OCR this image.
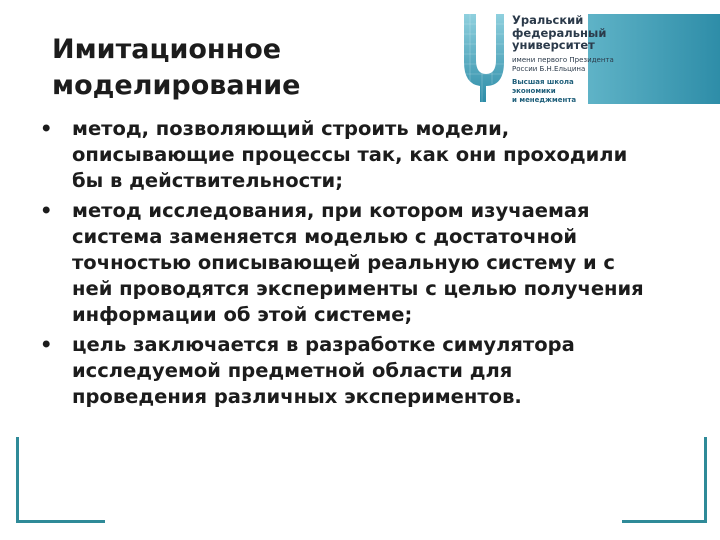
Имитационное
моделирование

Уральский
федеральный
университет

имени первого Президента
России Б.Н.Ельцина

Высшая школа
экономики
и менеджмента

• метод, позволяющий строить модели,
описывающие процессы так, как они проходили
бы в действительности;
• метод исследования, при котором изучаемая
система заменяется моделью с достаточной
точностью описывающей реальную систему и с
ней проводятся эксперименты с целью получения
информации об этой системе;
• цель заключается в разработке симулятора
исследуемой предметной области для
проведения различных экспериментов.
